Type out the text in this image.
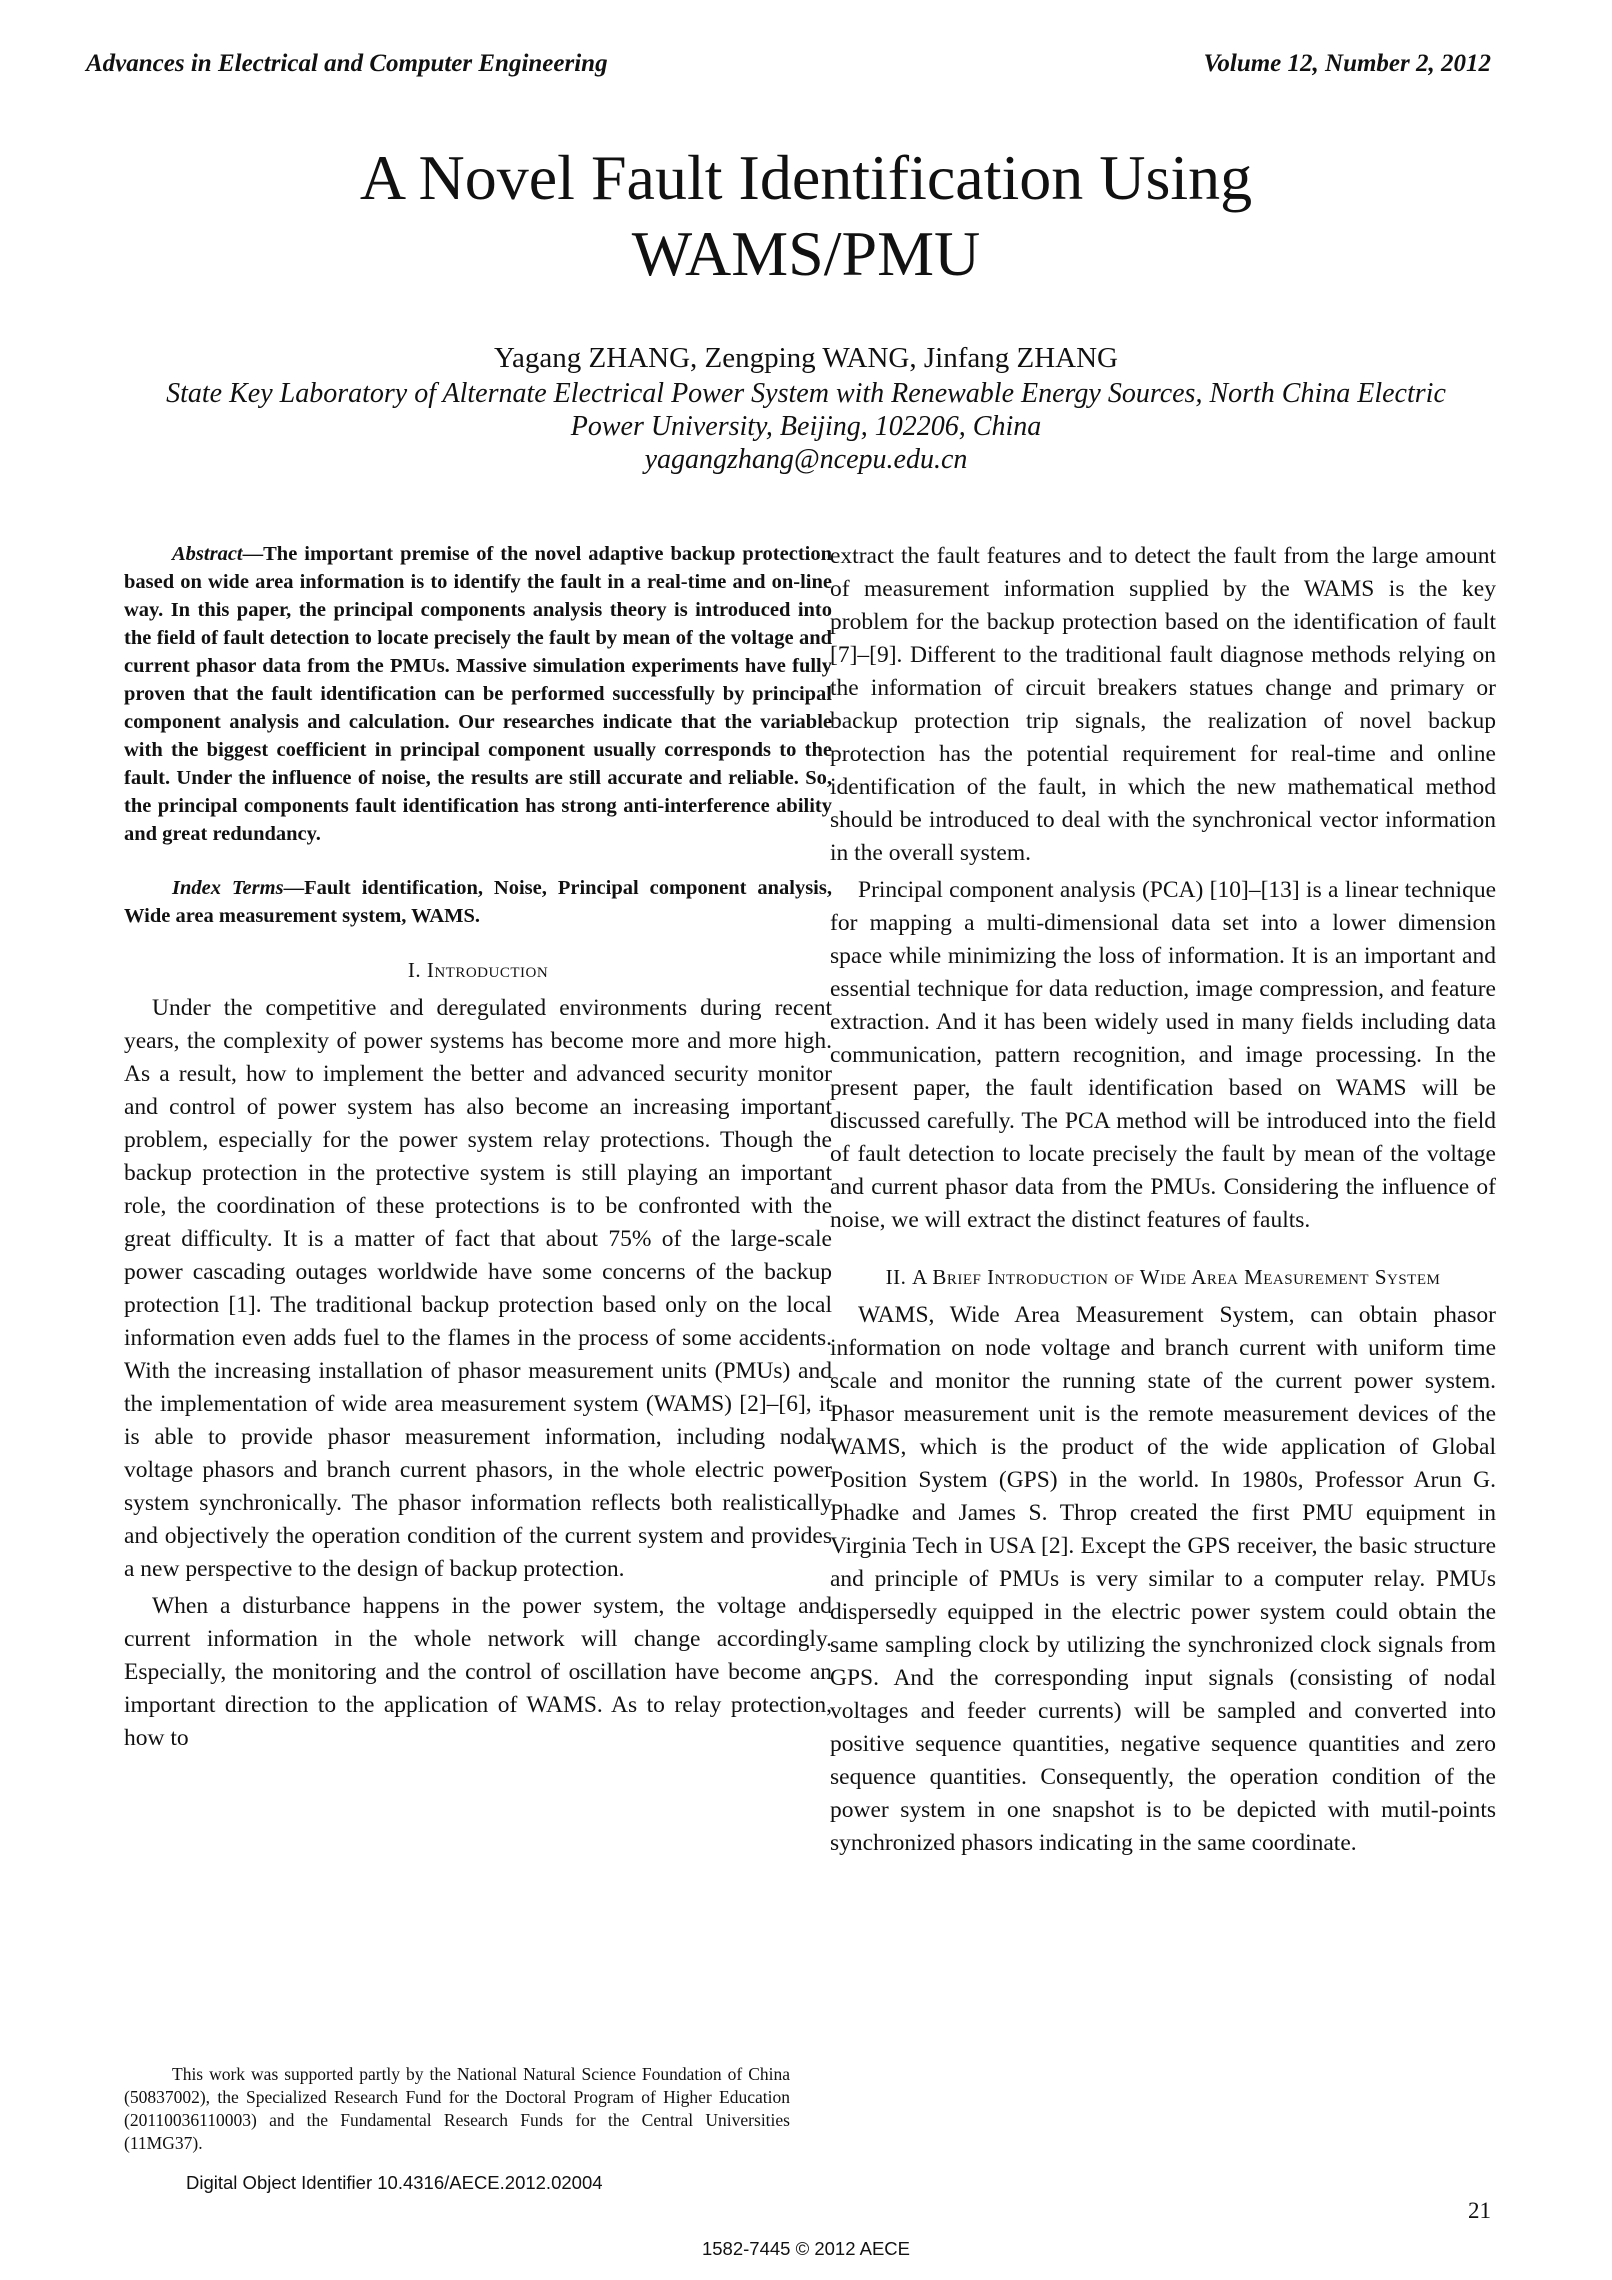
Advances in Electrical and Computer Engineering	Volume 12, Number 2, 2012
A Novel Fault Identification Using WAMS/PMU
Yagang ZHANG, Zengping WANG, Jinfang ZHANG
State Key Laboratory of Alternate Electrical Power System with Renewable Energy Sources, North China Electric Power University, Beijing, 102206, China
yagangzhang@ncepu.edu.cn

Abstract—The important premise of the novel adaptive backup protection based on wide area information is to identify the fault in a real-time and on-line way. In this paper, the principal components analysis theory is introduced into the field of fault detection to locate precisely the fault by mean of the voltage and current phasor data from the PMUs. Massive simulation experiments have fully proven that the fault identification can be performed successfully by principal component analysis and calculation. Our researches indicate that the variable with the biggest coefficient in principal component usually corresponds to the fault. Under the influence of noise, the results are still accurate and reliable. So, the principal components fault identification has strong anti-interference ability and great redundancy.

Index Terms—Fault identification, Noise, Principal component analysis, Wide area measurement system, WAMS.

I. Introduction

Under the competitive and deregulated environments during recent years, the complexity of power systems has become more and more high. As a result, how to implement the better and advanced security monitor and control of power system has also become an increasing important problem, especially for the power system relay protections. Though the backup protection in the protective system is still playing an important role, the coordination of these protections is to be confronted with the great difficulty. It is a matter of fact that about 75% of the large-scale power cascading outages worldwide have some concerns of the backup protection [1]. The traditional backup protection based only on the local information even adds fuel to the flames in the process of some accidents. With the increasing installation of phasor measurement units (PMUs) and the implementation of wide area measurement system (WAMS) [2]–[6], it is able to provide phasor measurement information, including nodal voltage phasors and branch current phasors, in the whole electric power system synchronically. The phasor information reflects both realistically and objectively the operation condition of the current system and provides a new perspective to the design of backup protection.

When a disturbance happens in the power system, the voltage and current information in the whole network will change accordingly. Especially, the monitoring and the control of oscillation have become an important direction to the application of WAMS. As to relay protection, how to

extract the fault features and to detect the fault from the large amount of measurement information supplied by the WAMS is the key problem for the backup protection based on the identification of fault [7]–[9]. Different to the traditional fault diagnose methods relying on the information of circuit breakers statues change and primary or backup protection trip signals, the realization of novel backup protection has the potential requirement for real-time and online identification of the fault, in which the new mathematical method should be introduced to deal with the synchronical vector information in the overall system.

Principal component analysis (PCA) [10]–[13] is a linear technique for mapping a multi-dimensional data set into a lower dimension space while minimizing the loss of information. It is an important and essential technique for data reduction, image compression, and feature extraction. And it has been widely used in many fields including data communication, pattern recognition, and image processing. In the present paper, the fault identification based on WAMS will be discussed carefully. The PCA method will be introduced into the field of fault detection to locate precisely the fault by mean of the voltage and current phasor data from the PMUs. Considering the influence of noise, we will extract the distinct features of faults.

II. A Brief Introduction of Wide Area Measurement System

WAMS, Wide Area Measurement System, can obtain phasor information on node voltage and branch current with uniform time scale and monitor the running state of the current power system. Phasor measurement unit is the remote measurement devices of the WAMS, which is the product of the wide application of Global Position System (GPS) in the world. In 1980s, Professor Arun G. Phadke and James S. Throp created the first PMU equipment in Virginia Tech in USA [2]. Except the GPS receiver, the basic structure and principle of PMUs is very similar to a computer relay. PMUs dispersedly equipped in the electric power system could obtain the same sampling clock by utilizing the synchronized clock signals from GPS. And the corresponding input signals (consisting of nodal voltages and feeder currents) will be sampled and converted into positive sequence quantities, negative sequence quantities and zero sequence quantities. Consequently, the operation condition of the power system in one snapshot is to be depicted with mutil-points synchronized phasors indicating in the same coordinate.

This work was supported partly by the National Natural Science Foundation of China (50837002), the Specialized Research Fund for the Doctoral Program of Higher Education (20110036110003) and the Fundamental Research Funds for the Central Universities (11MG37).

Digital Object Identifier 10.4316/AECE.2012.02004
21
1582-7445 © 2012 AECE
